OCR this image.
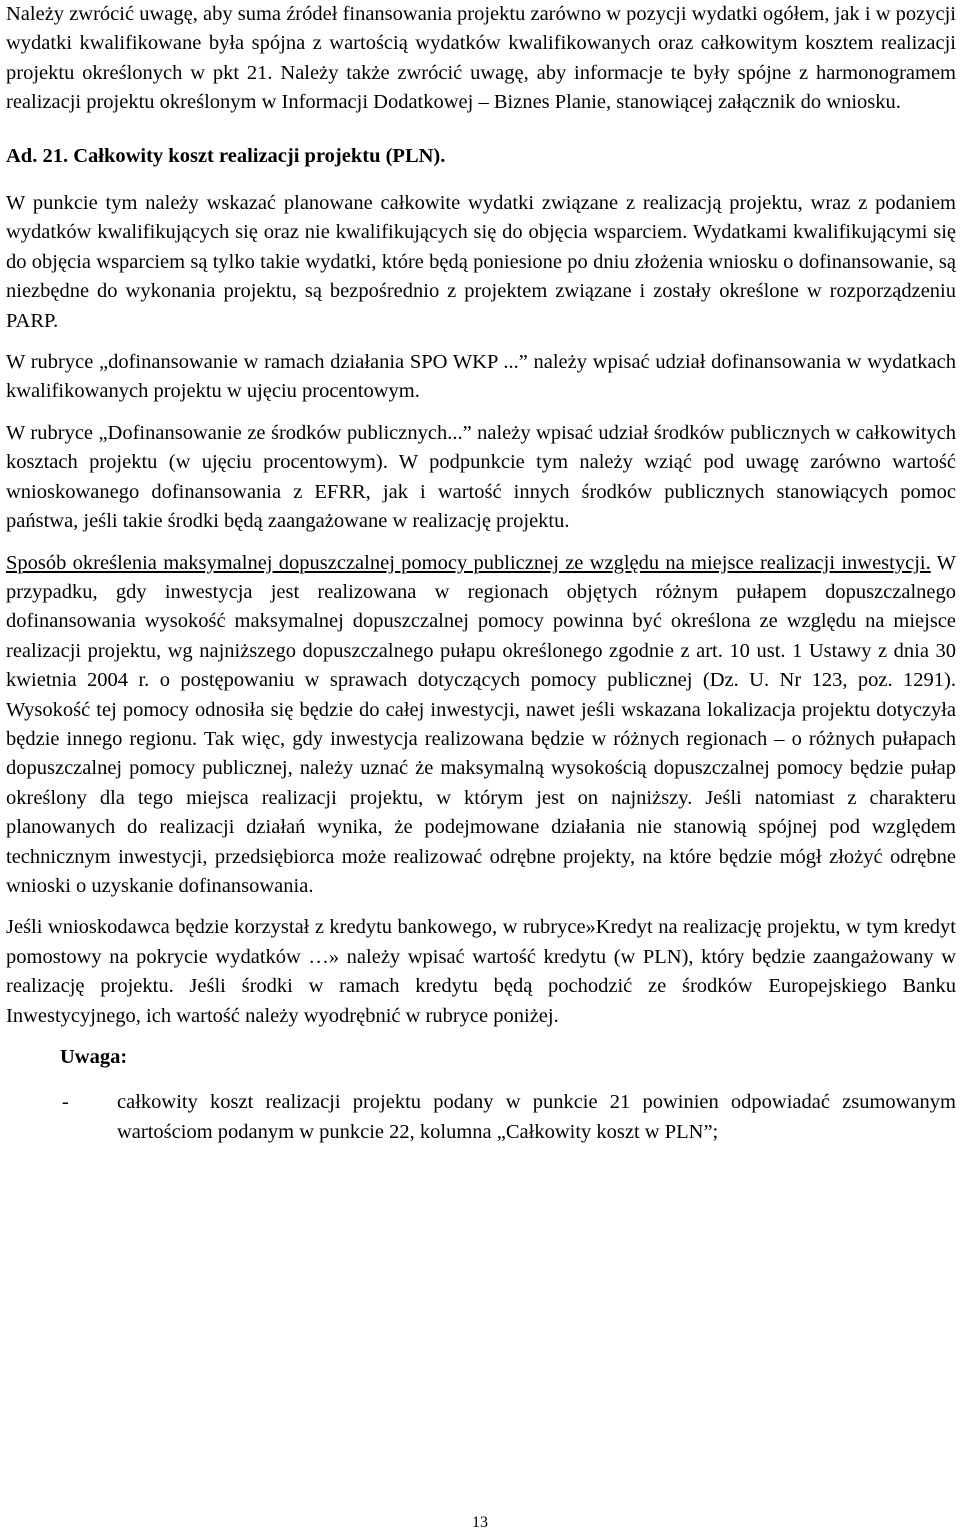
Należy zwrócić uwagę, aby suma źródeł finansowania projektu zarówno w pozycji wydatki ogółem, jak i w pozycji wydatki kwalifikowane była spójna z wartością wydatków kwalifikowanych oraz całkowitym kosztem realizacji projektu określonych w pkt 21. Należy także zwrócić uwagę, aby informacje te były spójne z harmonogramem realizacji projektu określonym w Informacji Dodatkowej – Biznes Planie, stanowiącej załącznik do wniosku.

Ad. 21. Całkowity koszt realizacji projektu (PLN).

W punkcie tym należy wskazać planowane całkowite wydatki związane z realizacją projektu, wraz z podaniem wydatków kwalifikujących się oraz nie kwalifikujących się do objęcia wsparciem. Wydatkami kwalifikującymi się do objęcia wsparciem są tylko takie wydatki, które będą poniesione po dniu złożenia wniosku o dofinansowanie, są niezbędne do wykonania projektu, są bezpośrednio z projektem związane i zostały określone w rozporządzeniu PARP.

W rubryce „dofinansowanie w ramach działania SPO WKP ...” należy wpisać udział dofinansowania w wydatkach kwalifikowanych projektu w ujęciu procentowym.

W rubryce „Dofinansowanie ze środków publicznych...” należy wpisać udział środków publicznych w całkowitych kosztach projektu (w ujęciu procentowym). W podpunkcie tym należy wziąć pod uwagę zarówno wartość wnioskowanego dofinansowania z EFRR, jak i wartość innych środków publicznych stanowiących pomoc państwa, jeśli takie środki będą zaangażowane w realizację projektu.

Sposób określenia maksymalnej dopuszczalnej pomocy publicznej ze względu na miejsce realizacji inwestycji. W przypadku, gdy inwestycja jest realizowana w regionach objętych różnym pułapem dopuszczalnego dofinansowania wysokość maksymalnej dopuszczalnej pomocy powinna być określona ze względu na miejsce realizacji projektu, wg najniższego dopuszczalnego pułapu określonego zgodnie z art. 10 ust. 1 Ustawy z dnia 30 kwietnia 2004 r. o postępowaniu w sprawach dotyczących pomocy publicznej (Dz. U. Nr 123, poz. 1291). Wysokość tej pomocy odnosiła się będzie do całej inwestycji, nawet jeśli wskazana lokalizacja projektu dotyczyła będzie innego regionu. Tak więc, gdy inwestycja realizowana będzie w różnych regionach – o różnych pułapach dopuszczalnej pomocy publicznej, należy uznać że maksymalną wysokością dopuszczalnej pomocy będzie pułap określony dla tego miejsca realizacji projektu, w którym jest on najniższy. Jeśli natomiast z charakteru planowanych do realizacji działań wynika, że podejmowane działania nie stanowią spójnej pod względem technicznym inwestycji, przedsiębiorca może realizować odrębne projekty, na które będzie mógł złożyć odrębne wnioski o uzyskanie dofinansowania.

Jeśli wnioskodawca będzie korzystał z kredytu bankowego, w rubryce»Kredyt na realizację projektu, w tym kredyt pomostowy na pokrycie wydatków …» należy wpisać wartość kredytu (w PLN), który będzie zaangażowany w realizację projektu. Jeśli środki w ramach kredytu będą pochodzić ze środków Europejskiego Banku Inwestycyjnego, ich wartość należy wyodrębnić w rubryce poniżej.

Uwaga:

-	całkowity koszt realizacji projektu podany w punkcie 21 powinien odpowiadać zsumowanym wartościom podanym w punkcie 22, kolumna „Całkowity koszt w PLN”;
13
